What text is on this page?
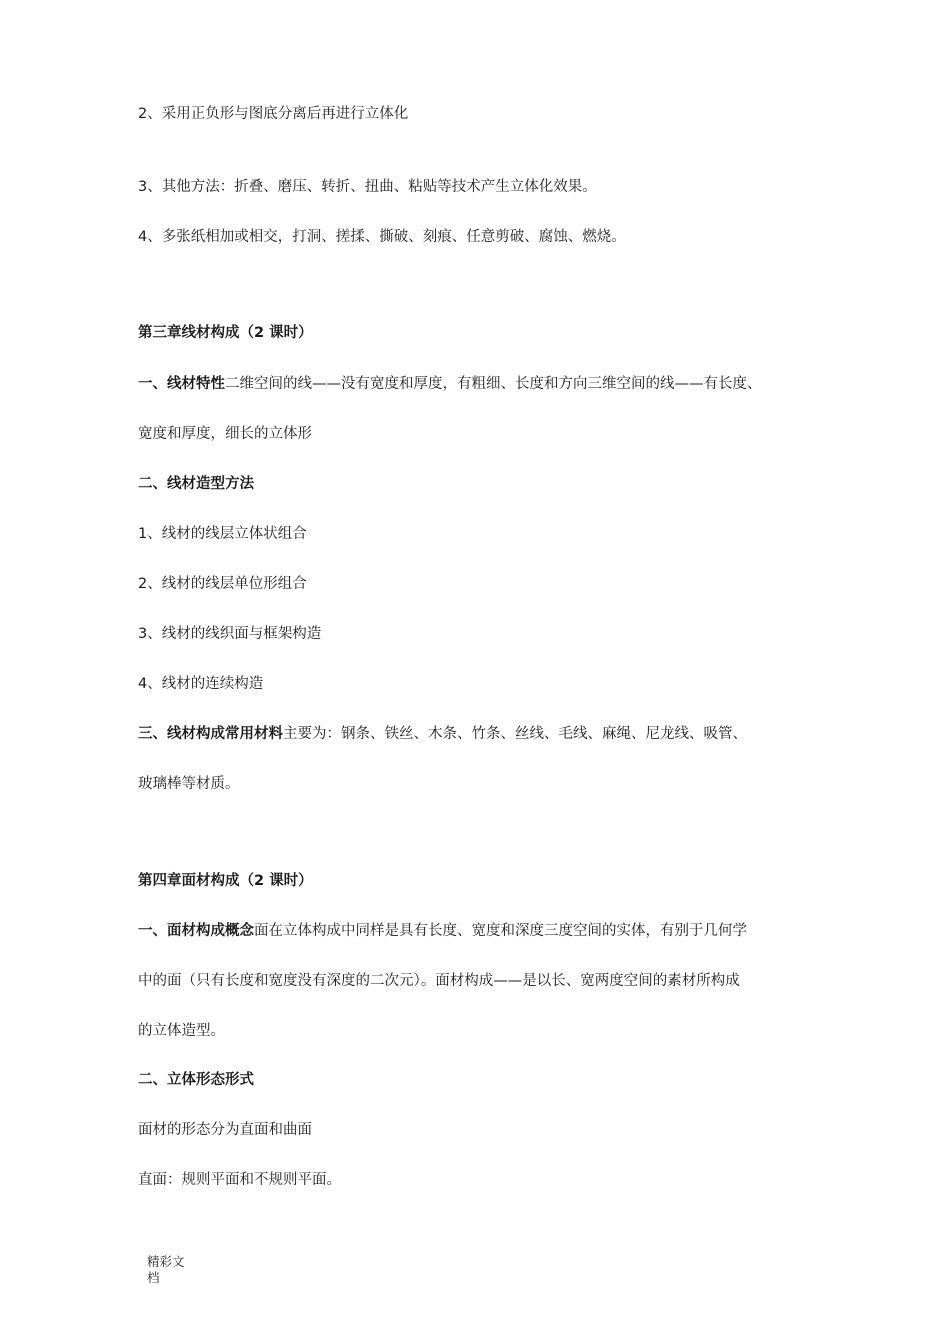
2、采用正负形与图底分离后再进行立体化
3、其他方法：折叠、磨压、转折、扭曲、粘贴等技术产生立体化效果。
4、多张纸相加或相交，打洞、搓揉、撕破、刻痕、任意剪破、腐蚀、燃烧。
第三章线材构成（2 课时）
一、线材特性二维空间的线——没有宽度和厚度，有粗细、长度和方向三维空间的线——有长度、
宽度和厚度，细长的立体形
二、线材造型方法
1、线材的线层立体状组合
2、线材的线层单位形组合
3、线材的线织面与框架构造
4、线材的连续构造
三、线材构成常用材料主要为：钢条、铁丝、木条、竹条、丝线、毛线、麻绳、尼龙线、吸管、
玻璃棒等材质。
第四章面材构成（2 课时）
一、面材构成概念面在立体构成中同样是具有长度、宽度和深度三度空间的实体，有别于几何学
中的面（只有长度和宽度没有深度的二次元）。面材构成——是以长、宽两度空间的素材所构成
的立体造型。
二、立体形态形式
面材的形态分为直面和曲面
直面：规则平面和不规则平面。
精彩文
档
